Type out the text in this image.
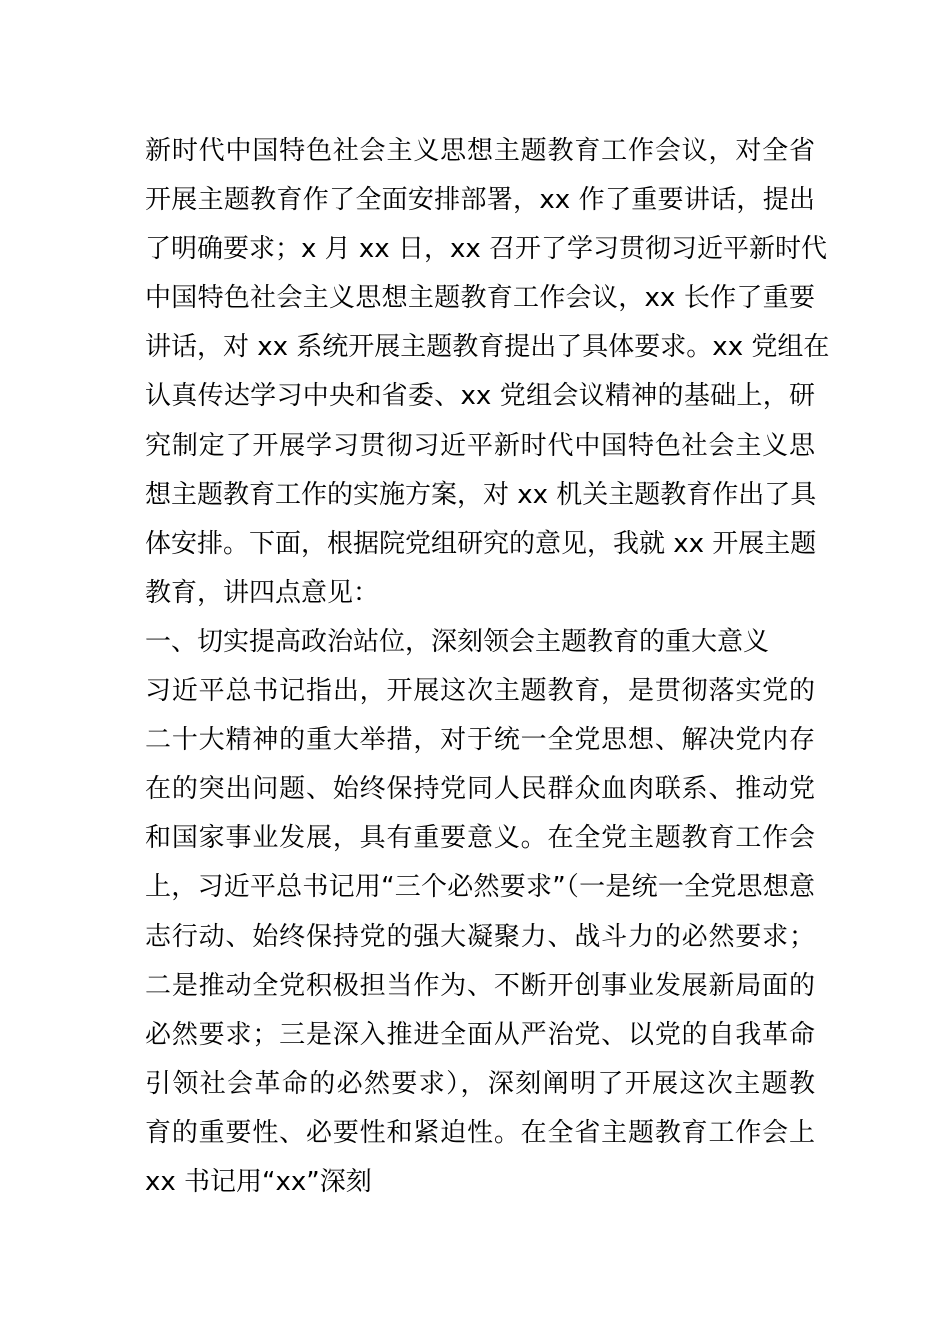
新时代中国特色社会主义思想主题教育工作会议，对全省
开展主题教育作了全面安排部署，xx 作了重要讲话，提出
了明确要求；x 月 xx 日，xx 召开了学习贯彻习近平新时代
中国特色社会主义思想主题教育工作会议，xx 长作了重要
讲话，对 xx 系统开展主题教育提出了具体要求。xx 党组在
认真传达学习中央和省委、xx 党组会议精神的基础上，研
究制定了开展学习贯彻习近平新时代中国特色社会主义思
想主题教育工作的实施方案，对 xx 机关主题教育作出了具
体安排。下面，根据院党组研究的意见，我就 xx 开展主题
教育，讲四点意见：
一、切实提高政治站位，深刻领会主题教育的重大意义
习近平总书记指出，开展这次主题教育，是贯彻落实党的
二十大精神的重大举措，对于统一全党思想、解决党内存
在的突出问题、始终保持党同人民群众血肉联系、推动党
和国家事业发展，具有重要意义。在全党主题教育工作会
上，习近平总书记用“三个必然要求”（一是统一全党思想意
志行动、始终保持党的强大凝聚力、战斗力的必然要求；
二是推动全党积极担当作为、不断开创事业发展新局面的
必然要求；三是深入推进全面从严治党、以党的自我革命
引领社会革命的必然要求），深刻阐明了开展这次主题教
育的重要性、必要性和紧迫性。在全省主题教育工作会上
xx 书记用“xx”深刻
